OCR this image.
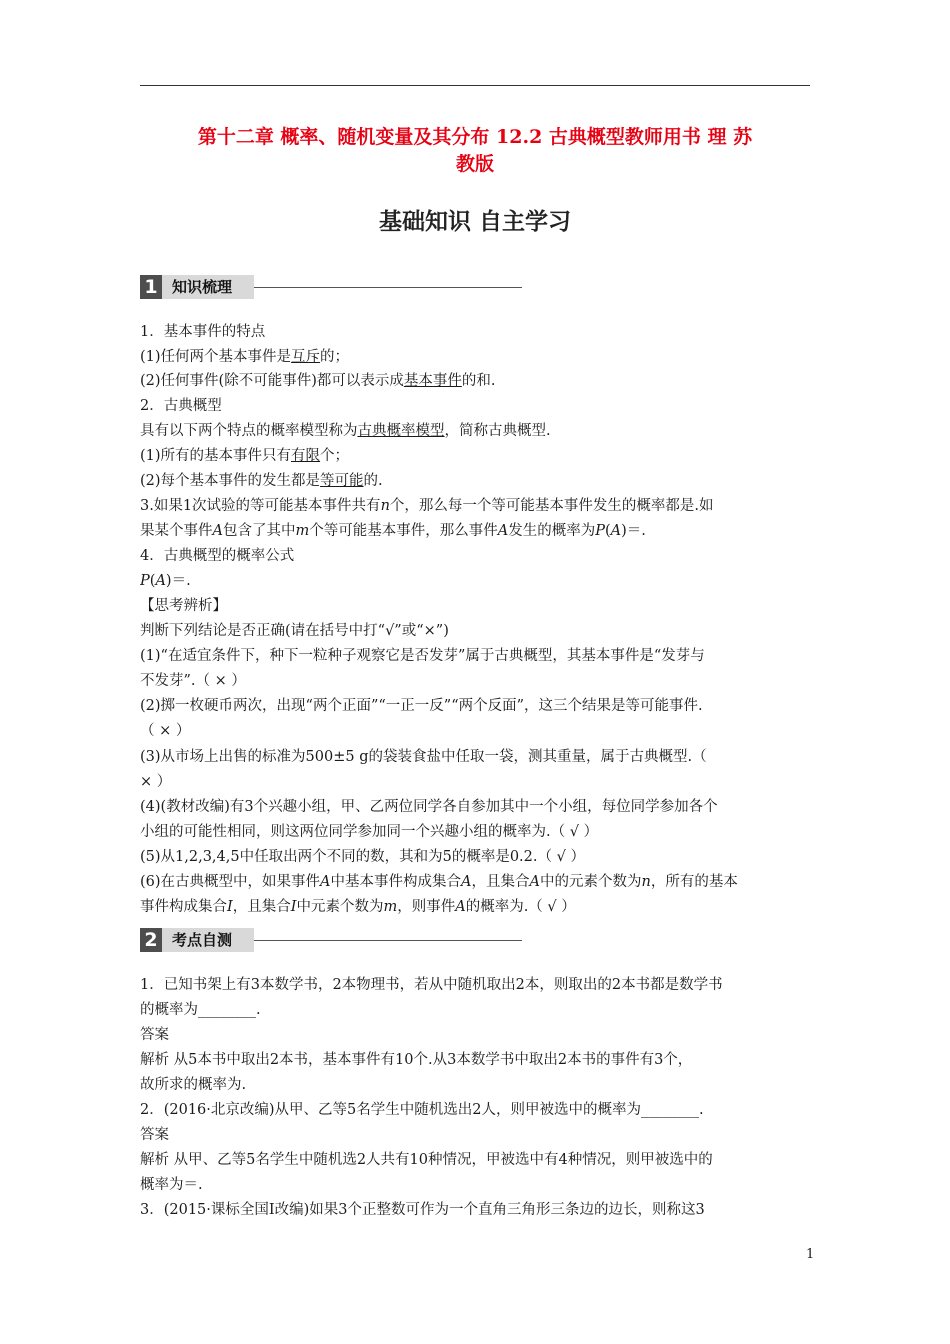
第十二章 概率、随机变量及其分布 12.2 古典概型教师用书 理 苏
教版
基础知识 自主学习
1 知识梳理
1．基本事件的特点
(1)任何两个基本事件是互斥的；
(2)任何事件(除不可能事件)都可以表示成基本事件的和.
2．古典概型
具有以下两个特点的概率模型称为古典概率模型，简称古典概型.
(1)所有的基本事件只有有限个；
(2)每个基本事件的发生都是等可能的.
3.如果1次试验的等可能基本事件共有n个，那么每一个等可能基本事件发生的概率都是.如
果某个事件A包含了其中m个等可能基本事件，那么事件A发生的概率为P(A)＝.
4．古典概型的概率公式
P(A)＝.
【思考辨析】
判断下列结论是否正确(请在括号中打“√”或“×”)
(1)“在适宜条件下，种下一粒种子观察它是否发芽”属于古典概型，其基本事件是“发芽与
不发芽”.（ × ）
(2)掷一枚硬币两次，出现“两个正面”“一正一反”“两个反面”，这三个结果是等可能事件.
（ × ）
(3)从市场上出售的标准为500±5 g的袋装食盐中任取一袋，测其重量，属于古典概型.（
× ）
(4)(教材改编)有3个兴趣小组，甲、乙两位同学各自参加其中一个小组，每位同学参加各个
小组的可能性相同，则这两位同学参加同一个兴趣小组的概率为.（ √ ）
(5)从1,2,3,4,5中任取出两个不同的数，其和为5的概率是0.2.（ √ ）
(6)在古典概型中，如果事件A中基本事件构成集合A，且集合A中的元素个数为n，所有的基本
事件构成集合I，且集合I中元素个数为m，则事件A的概率为.（ √ ）
2 考点自测
1．已知书架上有3本数学书，2本物理书，若从中随机取出2本，则取出的2本书都是数学书
的概率为________.
答案
解析 从5本书中取出2本书，基本事件有10个.从3本数学书中取出2本书的事件有3个，
故所求的概率为.
2．(2016·北京改编)从甲、乙等5名学生中随机选出2人，则甲被选中的概率为________.
答案
解析 从甲、乙等5名学生中随机选2人共有10种情况，甲被选中有4种情况，则甲被选中的
概率为＝.
3．(2015·课标全国Ⅰ改编)如果3个正整数可作为一个直角三角形三条边的边长，则称这3
1
